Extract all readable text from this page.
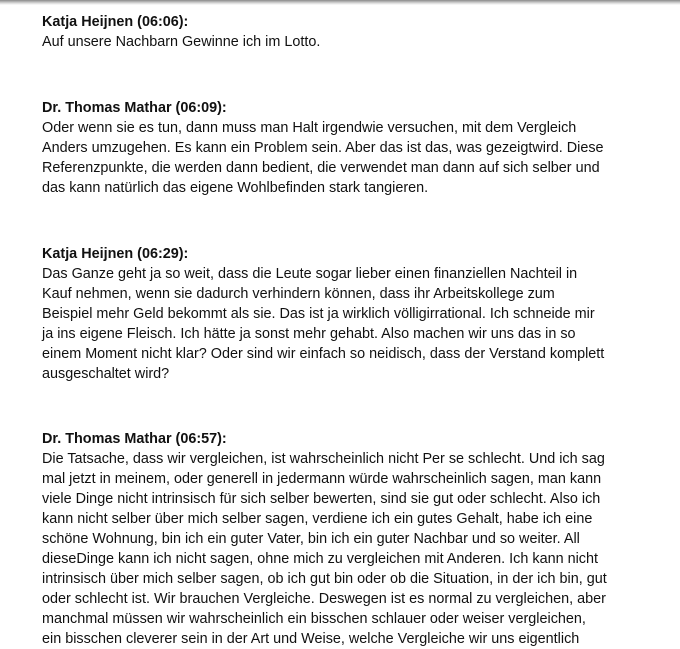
Katja Heijnen (06:06):
Auf unsere Nachbarn Gewinne ich im Lotto.
Dr. Thomas Mathar (06:09):
Oder wenn sie es tun, dann muss man Halt irgendwie versuchen, mit dem Vergleich
Anders umzugehen. Es kann ein Problem sein. Aber das ist das, was gezeigtwird. Diese
Referenzpunkte, die werden dann bedient, die verwendet man dann auf sich selber und
das kann natürlich das eigene Wohlbefinden stark tangieren.
Katja Heijnen (06:29):
Das Ganze geht ja so weit, dass die Leute sogar lieber einen finanziellen Nachteil in
Kauf nehmen, wenn sie dadurch verhindern können, dass ihr Arbeitskollege zum
Beispiel mehr Geld bekommt als sie. Das ist ja wirklich völligirrational. Ich schneide mir
ja ins eigene Fleisch. Ich hätte ja sonst mehr gehabt. Also machen wir uns das in so
einem Moment nicht klar? Oder sind wir einfach so neidisch, dass der Verstand komplett
ausgeschaltet wird?
Dr. Thomas Mathar (06:57):
Die Tatsache, dass wir vergleichen, ist wahrscheinlich nicht Per se schlecht. Und ich sag
mal jetzt in meinem, oder generell in jedermann würde wahrscheinlich sagen, man kann
viele Dinge nicht intrinsisch für sich selber bewerten, sind sie gut oder schlecht. Also ich
kann nicht selber über mich selber sagen, verdiene ich ein gutes Gehalt, habe ich eine
schöne Wohnung, bin ich ein guter Vater, bin ich ein guter Nachbar und so weiter. All
dieseDinge kann ich nicht sagen, ohne mich zu vergleichen mit Anderen. Ich kann nicht
intrinsisch über mich selber sagen, ob ich gut bin oder ob die Situation, in der ich bin, gut
oder schlecht ist. Wir brauchen Vergleiche. Deswegen ist es normal zu vergleichen, aber
manchmal müssen wir wahrscheinlich ein bisschen schlauer oder weiser vergleichen,
ein bisschen cleverer sein in der Art und Weise, welche Vergleiche wir uns eigentlich
